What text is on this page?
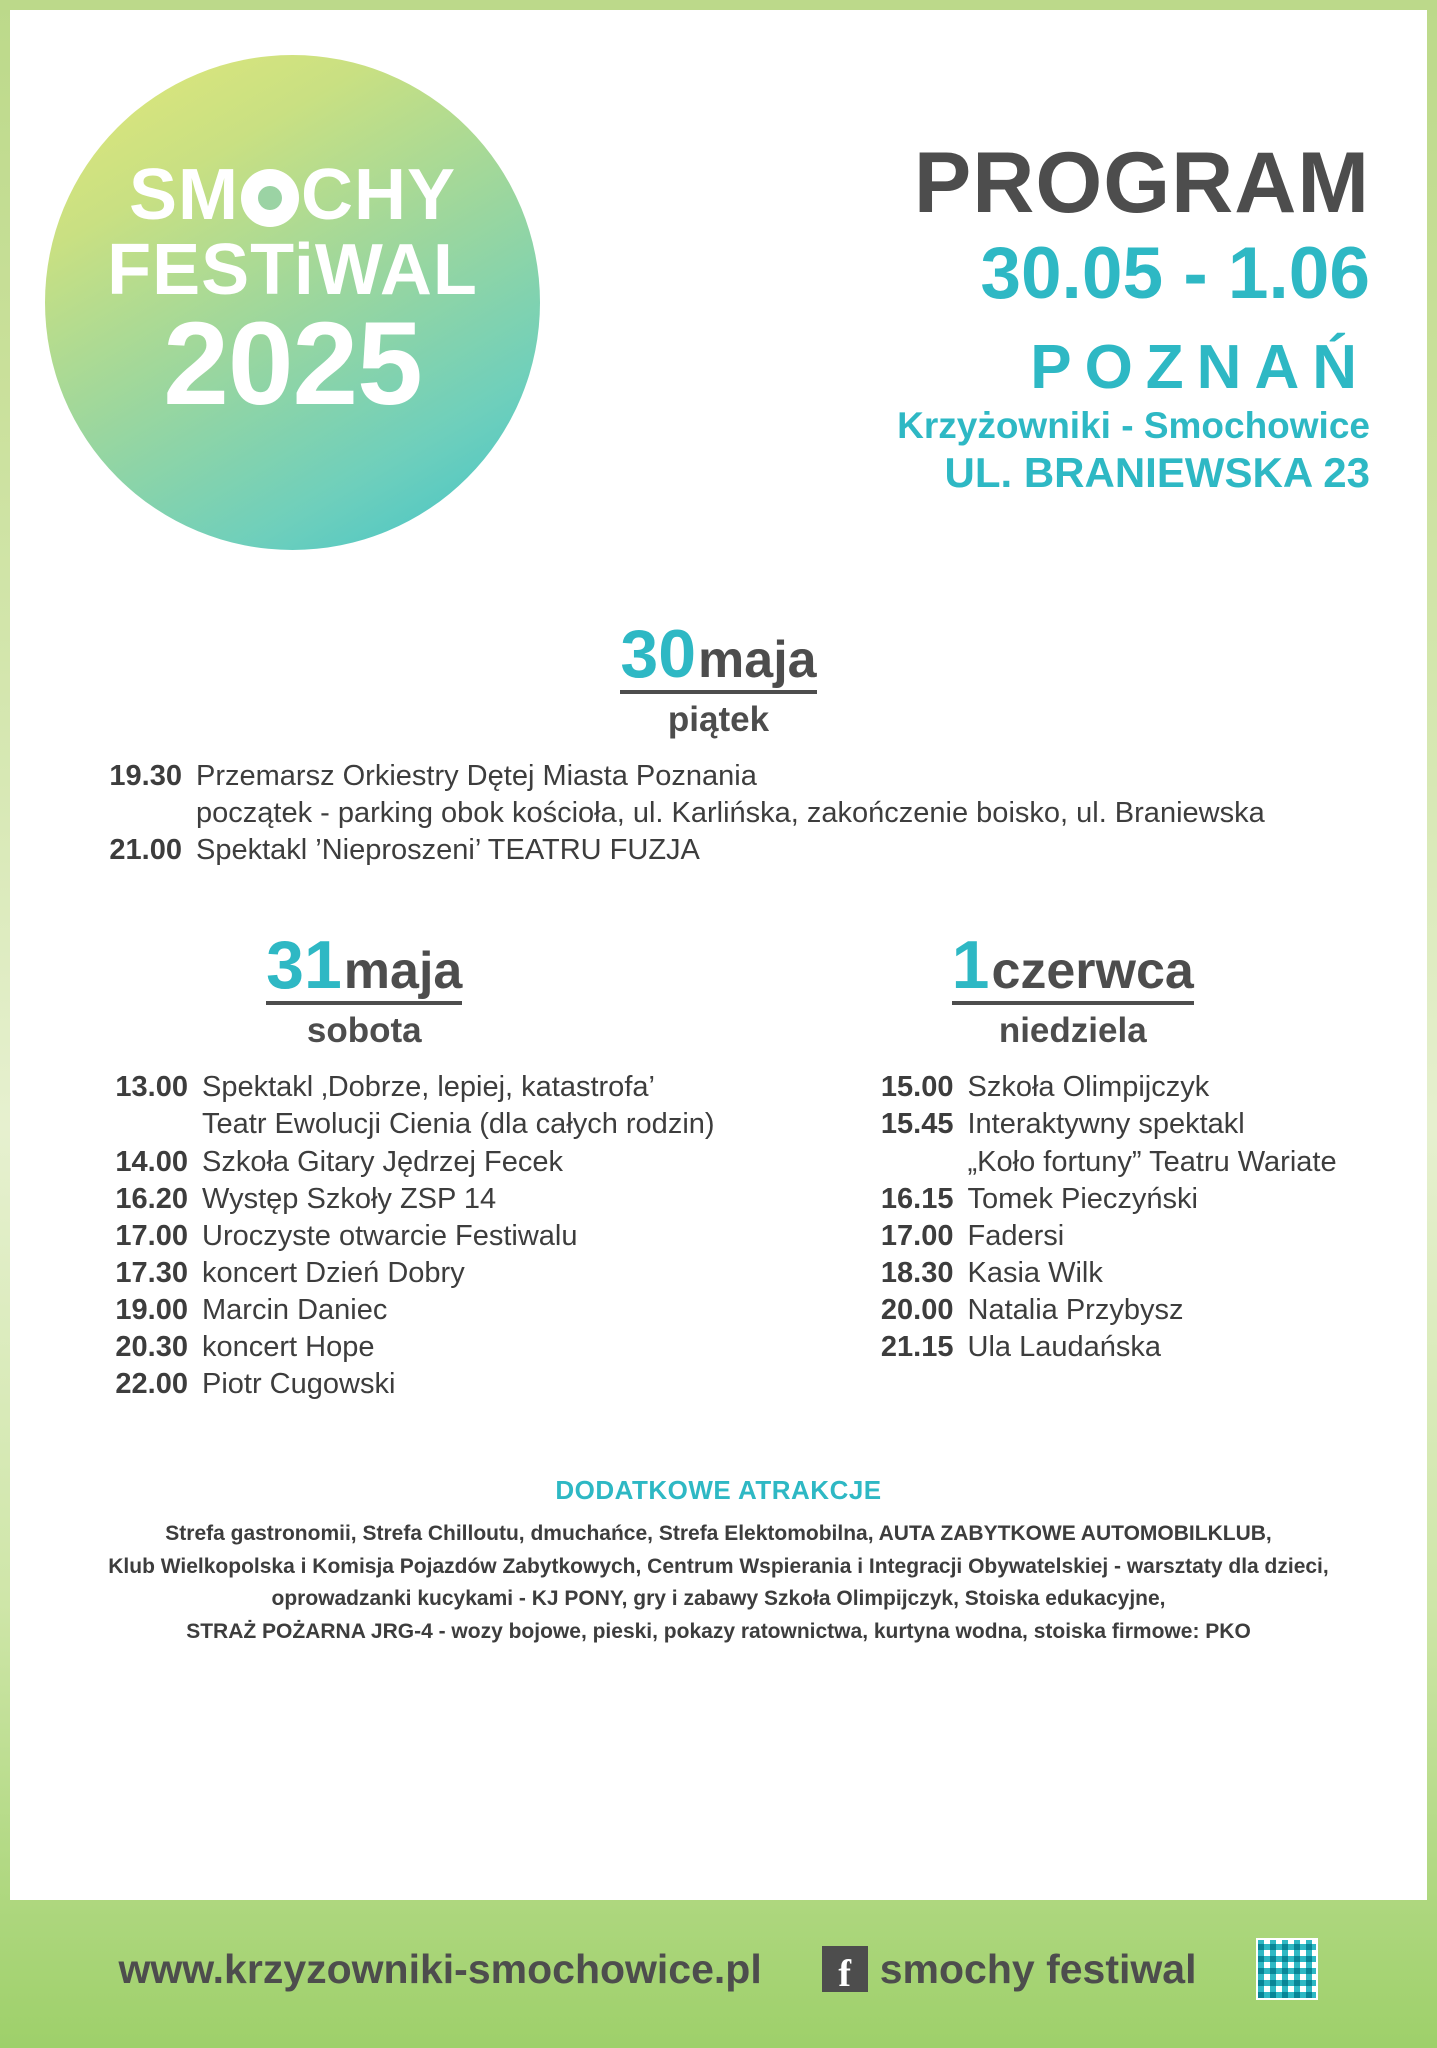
SM CHY
FESTiWAL
2025
PROGRAM
30.05 - 1.06
POZNAŃ
Krzyżowniki - Smochowice
UL. BRANIEWSKA 23
30maja
piątek
19.30 Przemarsz Orkiestry Dętej Miasta Poznania
początek - parking obok kościoła, ul. Karlińska, zakończenie boisko, ul. Braniewska
21.00 Spektakl ’Nieproszeni’ TEATRU FUZJA
31maja
sobota
13.00 Spektakl ‚Dobrze, lepiej, katastrofa’
Teatr Ewolucji Cienia (dla całych rodzin)
14.00 Szkoła Gitary Jędrzej Fecek
16.20 Występ Szkoły ZSP 14
17.00 Uroczyste otwarcie Festiwalu
17.30 koncert Dzień Dobry
19.00 Marcin Daniec
20.30 koncert Hope
22.00 Piotr Cugowski
1czerwca
niedziela
15.00 Szkoła Olimpijczyk
15.45 Interaktywny spektakl
„Koło fortuny” Teatru Wariate
16.15 Tomek Pieczyński
17.00 Fadersi
18.30 Kasia Wilk
20.00 Natalia Przybysz
21.15 Ula Laudańska
DODATKOWE ATRAKCJE
Strefa gastronomii, Strefa Chilloutu, dmuchańce, Strefa Elektomobilna, AUTA ZABYTKOWE AUTOMOBILKLUB,
Klub Wielkopolska i Komisja Pojazdów Zabytkowych, Centrum Wspierania i Integracji Obywatelskiej - warsztaty dla dzieci,
oprowadzanki kucykami - KJ PONY, gry i zabawy Szkoła Olimpijczyk, Stoiska edukacyjne,
STRAŻ POŻARNA JRG-4 - wozy bojowe, pieski, pokazy ratownictwa, kurtyna wodna, stoiska firmowe: PKO
www.krzyzowniki-smochowice.pl	f smochy festiwal
